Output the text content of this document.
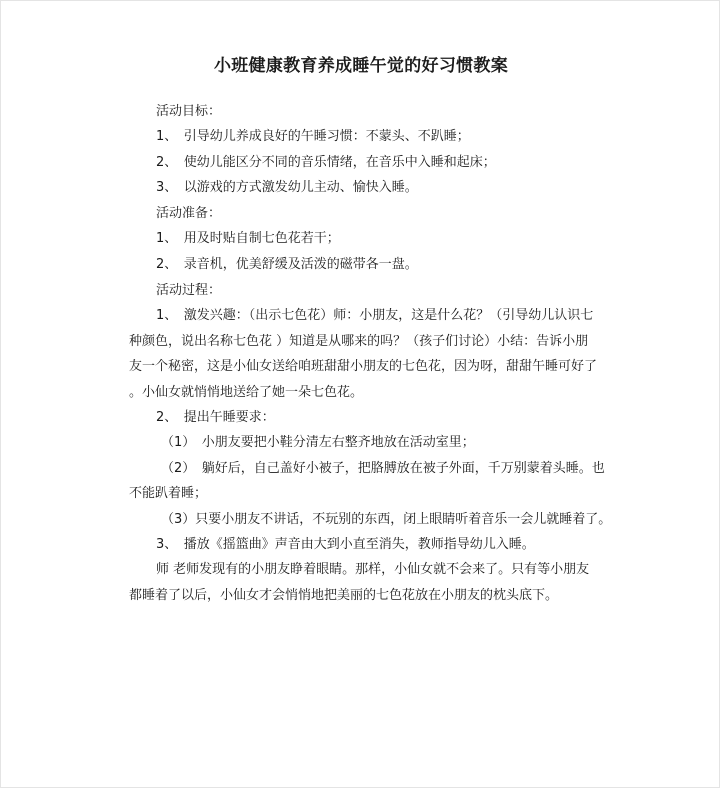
小班健康教育养成睡午觉的好习惯教案
活动目标：
1、　引导幼儿养成良好的午睡习惯：不蒙头、不趴睡；
2、　使幼儿能区分不同的音乐情绪，在音乐中入睡和起床；
3、　以游戏的方式激发幼儿主动、愉快入睡。
活动准备：
1、　用及时贴自制七色花若干；
2、　录音机，优美舒缓及活泼的磁带各一盘。
活动过程：
1、　激发兴趣：（出示七色花）师：小朋友，这是什么花？（引导幼儿认识七
种颜色，说出名称七色花 ）知道是从哪来的吗？（孩子们讨论）小结：告诉小朋
友一个秘密，这是小仙女送给咱班甜甜小朋友的七色花，因为呀，甜甜午睡可好了
。小仙女就悄悄地送给了她一朵七色花。
2、　提出午睡要求：
（1）　小朋友要把小鞋分清左右整齐地放在活动室里；
（2）　躺好后，自己盖好小被子，把胳膊放在被子外面，千万别蒙着头睡。也
不能趴着睡；
（3）只要小朋友不讲话，不玩别的东西，闭上眼睛听着音乐一会儿就睡着了。
3、　播放《摇篮曲》声音由大到小直至消失，教师指导幼儿入睡。
师 老师发现有的小朋友睁着眼睛。那样，小仙女就不会来了。只有等小朋友
都睡着了以后，小仙女才会悄悄地把美丽的七色花放在小朋友的枕头底下。
